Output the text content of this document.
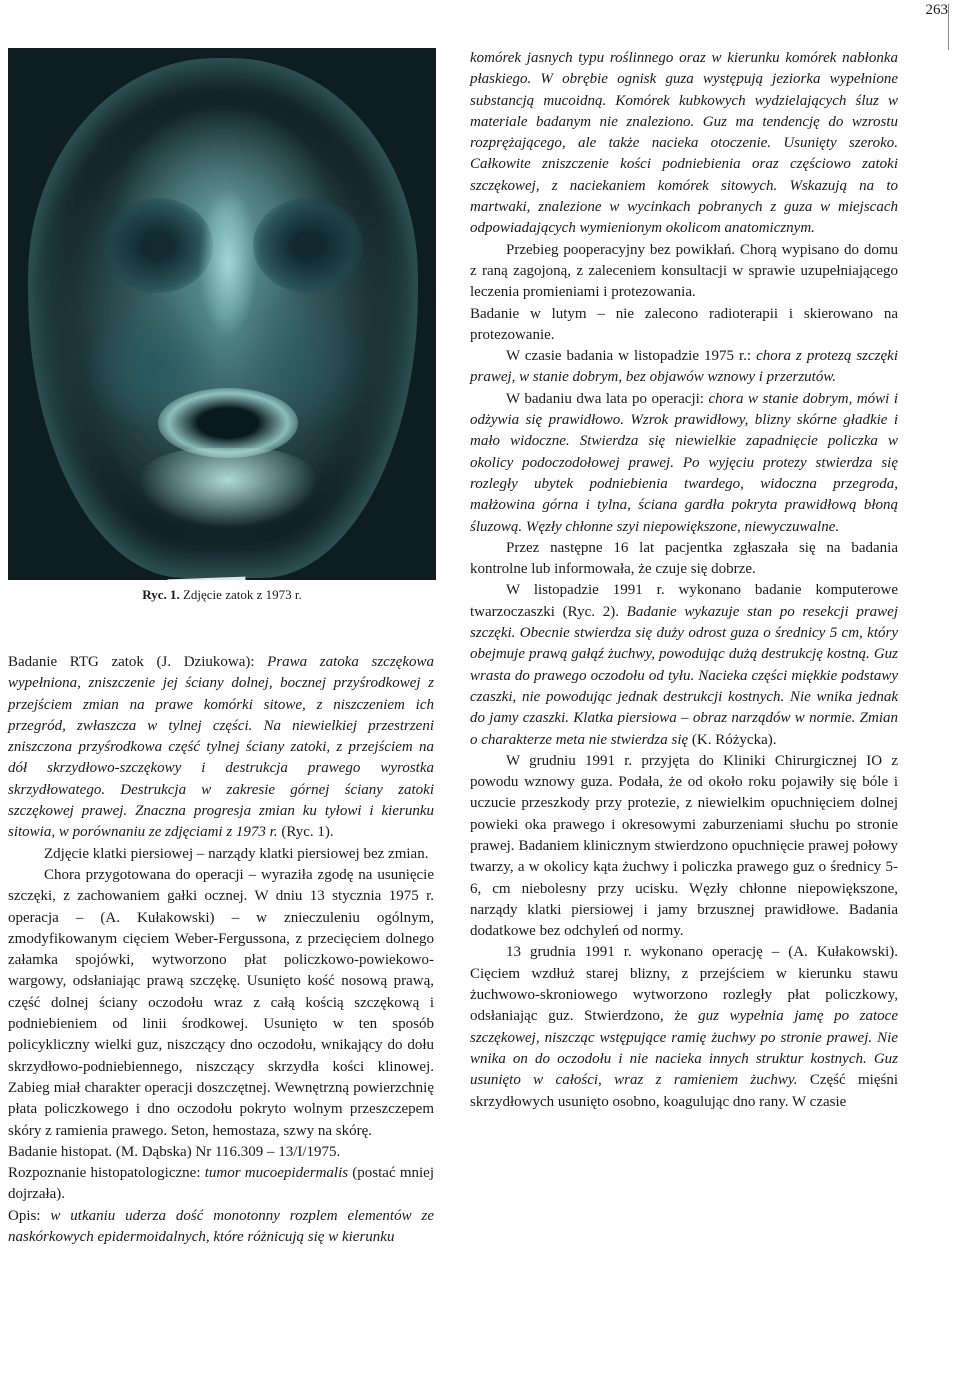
263
Ryc. 1. Zdjęcie zatok z 1973 r.

Badanie RTG zatok (J. Dziukowa): Prawa zatoka szczękowa wypełniona, zniszczenie jej ściany dolnej, bocznej przyśrodkowej z przejściem zmian na prawe komórki sitowe, z niszczeniem ich przegród, zwłaszcza w tylnej części. Na niewielkiej przestrzeni zniszczona przyśrodkowa część tylnej ściany zatoki, z przejściem na dół skrzydłowo-szczękowy i destrukcja prawego wyrostka skrzydłowatego. Destrukcja w zakresie górnej ściany zatoki szczękowej prawej. Znaczna progresja zmian ku tyłowi i kierunku sitowia, w porównaniu ze zdjęciami z 1973 r. (Ryc. 1).

Zdjęcie klatki piersiowej – narządy klatki piersiowej bez zmian.

Chora przygotowana do operacji – wyraziła zgodę na usunięcie szczęki, z zachowaniem gałki ocznej. W dniu 13 stycznia 1975 r. operacja – (A. Kułakowski) – w znieczuleniu ogólnym, zmodyfikowanym cięciem Weber-Fergussona, z przecięciem dolnego załamka spojówki, wytworzono płat policzkowo-powiekowo-wargowy, odsłaniając prawą szczękę. Usunięto kość nosową prawą, część dolnej ściany oczodołu wraz z całą kością szczękową i podniebieniem od linii środkowej. Usunięto w ten sposób policykliczny wielki guz, niszczący dno oczodołu, wnikający do dołu skrzydłowo-podniebiennego, niszczący skrzydła kości klinowej. Zabieg miał charakter operacji doszczętnej. Wewnętrzną powierzchnię płata policzkowego i dno oczodołu pokryto wolnym przeszczepem skóry z ramienia prawego. Seton, hemostaza, szwy na skórę.

Badanie histopat. (M. Dąbska) Nr 116.309 – 13/I/1975.

Rozpoznanie histopatologiczne: tumor mucoepidermalis (postać mniej dojrzała).

Opis: w utkaniu uderza dość monotonny rozplem elementów ze naskórkowych epidermoidalnych, które różnicują się w kierunku

komórek jasnych typu roślinnego oraz w kierunku komórek nabłonka płaskiego. W obrębie ognisk guza występują jeziorka wypełnione substancją mucoidną. Komórek kubkowych wydzielających śluz w materiale badanym nie znaleziono. Guz ma tendencję do wzrostu rozprężającego, ale także nacieka otoczenie. Usunięty szeroko. Całkowite zniszczenie kości podniebienia oraz częściowo zatoki szczękowej, z naciekaniem komórek sitowych. Wskazują na to martwaki, znalezione w wycinkach pobranych z guza w miejscach odpowiadających wymienionym okolicom anatomicznym.

Przebieg pooperacyjny bez powikłań. Chorą wypisano do domu z raną zagojoną, z zaleceniem konsultacji w sprawie uzupełniającego leczenia promieniami i protezowania.

Badanie w lutym – nie zalecono radioterapii i skierowano na protezowanie.

W czasie badania w listopadzie 1975 r.: chora z protezą szczęki prawej, w stanie dobrym, bez objawów wznowy i przerzutów.

W badaniu dwa lata po operacji: chora w stanie dobrym, mówi i odżywia się prawidłowo. Wzrok prawidłowy, blizny skórne gładkie i mało widoczne. Stwierdza się niewielkie zapadnięcie policzka w okolicy podoczodołowej prawej. Po wyjęciu protezy stwierdza się rozległy ubytek podniebienia twardego, widoczna przegroda, małżowina górna i tylna, ściana gardła pokryta prawidłową błoną śluzową. Węzły chłonne szyi niepowiększone, niewyczuwalne.

Przez następne 16 lat pacjentka zgłaszała się na badania kontrolne lub informowała, że czuje się dobrze.

W listopadzie 1991 r. wykonano badanie komputerowe twarzoczaszki (Ryc. 2). Badanie wykazuje stan po resekcji prawej szczęki. Obecnie stwierdza się duży odrost guza o średnicy 5 cm, który obejmuje prawą gałąź żuchwy, powodując dużą destrukcję kostną. Guz wrasta do prawego oczodołu od tyłu. Nacieka części miękkie podstawy czaszki, nie powodując jednak destrukcji kostnych. Nie wnika jednak do jamy czaszki. Klatka piersiowa – obraz narządów w normie. Zmian o charakterze meta nie stwierdza się (K. Różycka).

W grudniu 1991 r. przyjęta do Kliniki Chirurgicznej IO z powodu wznowy guza. Podała, że od około roku pojawiły się bóle i uczucie przeszkody przy protezie, z niewielkim opuchnięciem dolnej powieki oka prawego i okresowymi zaburzeniami słuchu po stronie prawej. Badaniem klinicznym stwierdzono opuchnięcie prawej połowy twarzy, a w okolicy kąta żuchwy i policzka prawego guz o średnicy 5-6, cm niebolesny przy ucisku. Węzły chłonne niepowiększone, narządy klatki piersiowej i jamy brzusznej prawidłowe. Badania dodatkowe bez odchyleń od normy.

13 grudnia 1991 r. wykonano operację – (A. Kułakowski). Cięciem wzdłuż starej blizny, z przejściem w kierunku stawu żuchwowo-skroniowego wytworzono rozległy płat policzkowy, odsłaniając guz. Stwierdzono, że guz wypełnia jamę po zatoce szczękowej, niszcząc wstępujące ramię żuchwy po stronie prawej. Nie wnika on do oczodołu i nie nacieka innych struktur kostnych. Guz usunięto w całości, wraz z ramieniem żuchwy. Część mięśni skrzydłowych usunięto osobno, koagulując dno rany. W czasie
